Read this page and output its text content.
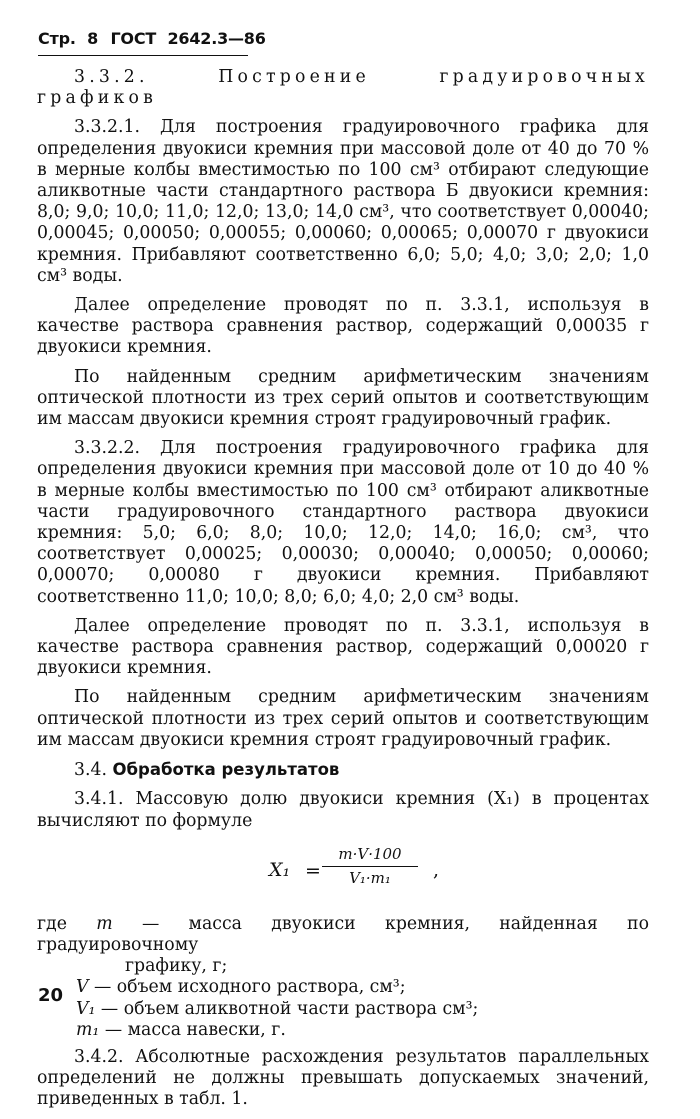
Стр. 8 ГОСТ 2642.3—86

3.3.2. Построение градуировочных графиков

3.3.2.1. Для построения градуировочного графика для определения двуокиси кремния при массовой доле от 40 до 70 % в мерные колбы вместимостью по 100 см³ отбирают следующие аликвотные части стандартного раствора Б двуокиси кремния: 8,0; 9,0; 10,0; 11,0; 12,0; 13,0; 14,0 см³, что соответствует 0,00040; 0,00045; 0,00050; 0,00055; 0,00060; 0,00065; 0,00070 г двуокиси кремния. Прибавляют соответственно 6,0; 5,0; 4,0; 3,0; 2,0; 1,0 см³ воды.

Далее определение проводят по п. 3.3.1, используя в качестве раствора сравнения раствор, содержащий 0,00035 г двуокиси кремния.

По найденным средним арифметическим значениям оптической плотности из трех серий опытов и соответствующим им массам двуокиси кремния строят градуировочный график.

3.3.2.2. Для построения градуировочного графика для определения двуокиси кремния при массовой доле от 10 до 40 % в мерные колбы вместимостью по 100 см³ отбирают аликвотные части градуировочного стандартного раствора двуокиси кремния: 5,0; 6,0; 8,0; 10,0; 12,0; 14,0; 16,0; см³, что соответствует 0,00025; 0,00030; 0,00040; 0,00050; 0,00060; 0,00070; 0,00080 г двуокиси кремния. Прибавляют соответственно 11,0; 10,0; 8,0; 6,0; 4,0; 2,0 см³ воды.

Далее определение проводят по п. 3.3.1, используя в качестве раствора сравнения раствор, содержащий 0,00020 г двуокиси кремния.

По найденным средним арифметическим значениям оптической плотности из трех серий опытов и соответствующим им массам двуокиси кремния строят градуировочный график.

3.4. Обработка результатов

3.4.1. Массовую долю двуокиси кремния (X₁) в процентах вычисляют по формуле

$X_1 = \frac{m\cdot V\cdot 100}{\text{V₁·m₁}}$ ,

где m — масса двуокиси кремния, найденная по градуировочному

графику, г;

V — объем исходного раствора, см³;

V₁ — объем аликвотной части раствора см³;

m₁ — масса навески, г.

3.4.2. Абсолютные расхождения результатов параллельных определений не должны превышать допускаемых значений, приведенных в табл. 1.

20
